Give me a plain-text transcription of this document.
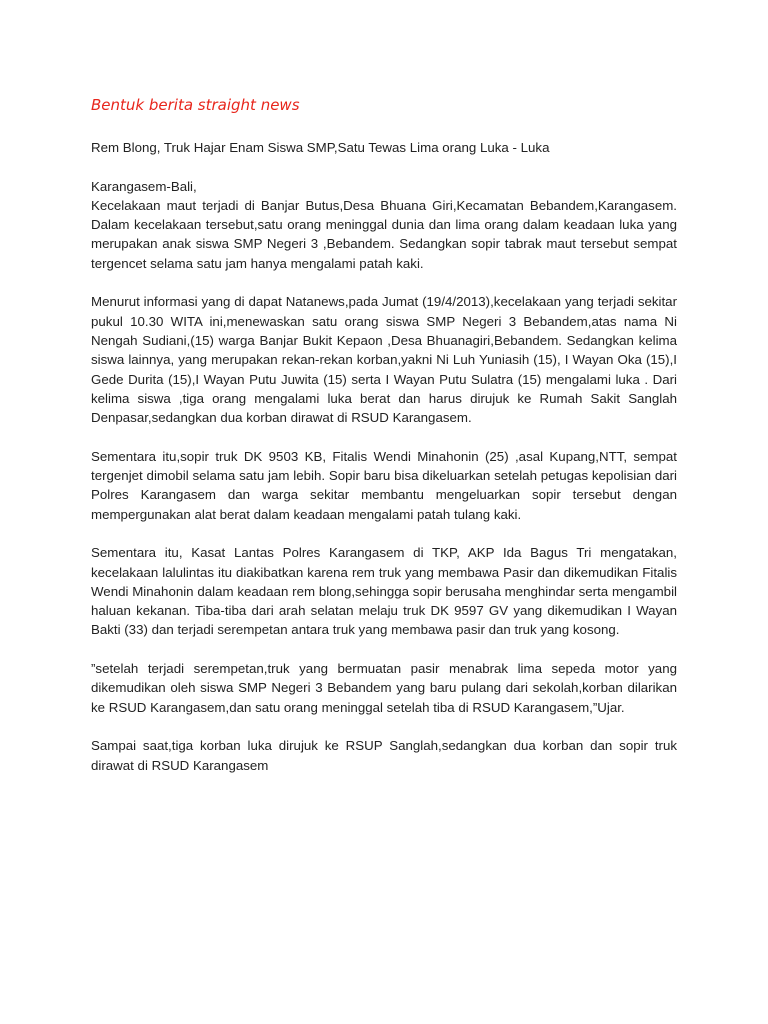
Bentuk berita straight news

Rem Blong, Truk Hajar Enam Siswa SMP,Satu Tewas Lima orang Luka - Luka

Karangasem-Bali,
Kecelakaan maut terjadi di Banjar Butus,Desa Bhuana Giri,Kecamatan Bebandem,Karangasem. Dalam kecelakaan tersebut,satu orang meninggal dunia dan lima orang dalam keadaan luka yang merupakan anak siswa SMP Negeri 3 ,Bebandem. Sedangkan sopir tabrak maut tersebut sempat tergencet selama satu jam hanya mengalami patah kaki.

Menurut informasi yang di dapat Natanews,pada Jumat (19/4/2013),kecelakaan yang terjadi sekitar pukul 10.30 WITA ini,menewaskan satu orang siswa SMP Negeri 3 Bebandem,atas nama Ni Nengah Sudiani,(15) warga Banjar Bukit Kepaon ,Desa Bhuanagiri,Bebandem. Sedangkan kelima siswa lainnya, yang merupakan rekan-rekan korban,yakni Ni Luh Yuniasih (15), I Wayan Oka (15),I Gede Durita (15),I Wayan Putu Juwita (15) serta I Wayan Putu Sulatra (15) mengalami luka . Dari kelima siswa ,tiga orang mengalami luka berat dan harus dirujuk ke Rumah Sakit Sanglah Denpasar,sedangkan dua korban dirawat di RSUD Karangasem.

Sementara itu,sopir truk DK 9503 KB, Fitalis Wendi Minahonin (25) ,asal Kupang,NTT, sempat tergenjet dimobil selama satu jam lebih. Sopir baru bisa dikeluarkan setelah petugas kepolisian dari Polres Karangasem dan warga sekitar membantu mengeluarkan sopir tersebut dengan mempergunakan alat berat dalam keadaan mengalami patah tulang kaki.

Sementara itu, Kasat Lantas Polres Karangasem di TKP, AKP Ida Bagus Tri mengatakan, kecelakaan lalulintas itu diakibatkan karena rem truk yang membawa Pasir dan dikemudikan Fitalis Wendi Minahonin dalam keadaan rem blong,sehingga sopir berusaha menghindar serta mengambil haluan kekanan. Tiba-tiba dari arah selatan melaju truk DK 9597 GV yang dikemudikan I Wayan Bakti (33) dan terjadi serempetan antara truk yang membawa pasir dan truk yang kosong.

”setelah terjadi serempetan,truk yang bermuatan pasir menabrak lima sepeda motor yang dikemudikan oleh siswa SMP Negeri 3 Bebandem yang baru pulang dari sekolah,korban dilarikan ke RSUD Karangasem,dan satu orang meninggal setelah tiba di RSUD Karangasem,”Ujar.

Sampai saat,tiga korban luka dirujuk ke RSUP Sanglah,sedangkan dua korban dan sopir truk dirawat di RSUD Karangasem
